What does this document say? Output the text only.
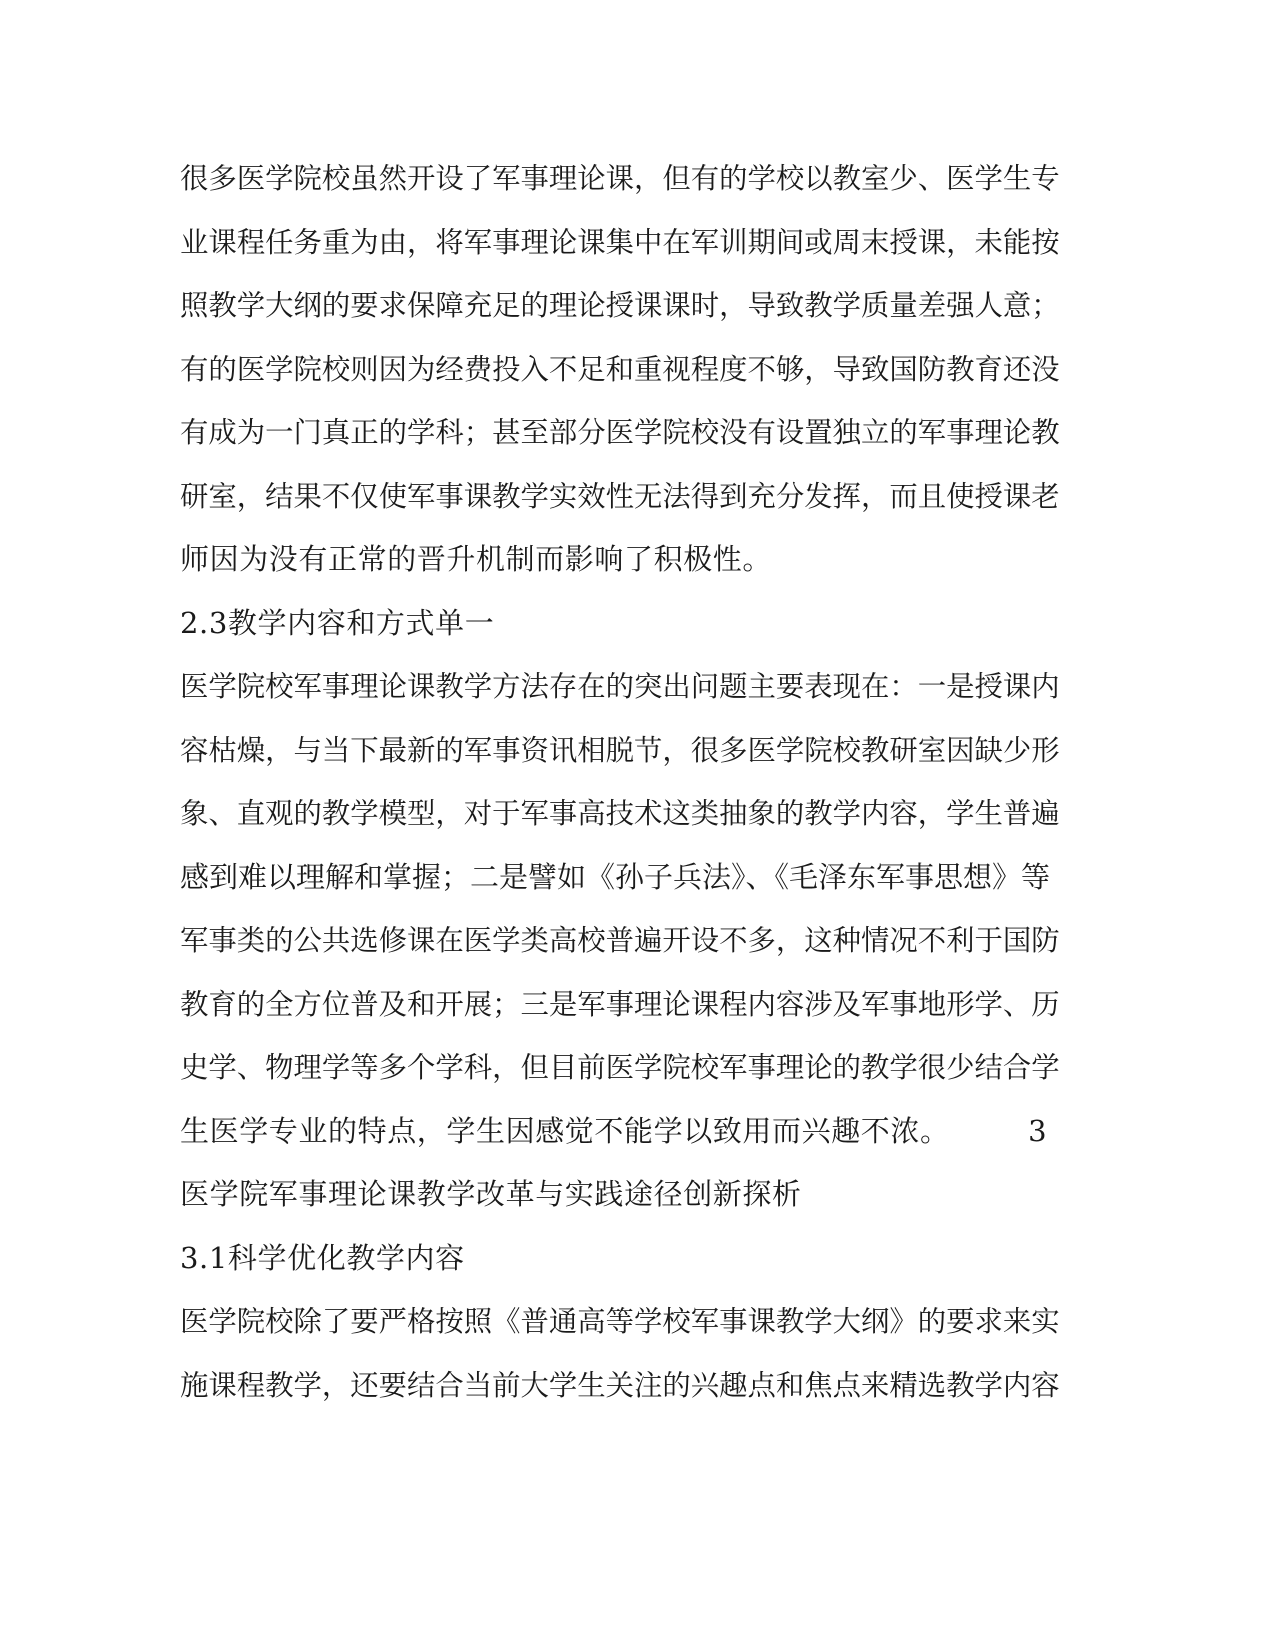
很多医学院校虽然开设了军事理论课，但有的学校以教室少、医学生专
业课程任务重为由，将军事理论课集中在军训期间或周末授课，未能按
照教学大纲的要求保障充足的理论授课课时，导致教学质量差强人意；
有的医学院校则因为经费投入不足和重视程度不够，导致国防教育还没
有成为一门真正的学科；甚至部分医学院校没有设置独立的军事理论教
研室，结果不仅使军事课教学实效性无法得到充分发挥，而且使授课老
师因为没有正常的晋升机制而影响了积极性。
2.3教学内容和方式单一
医学院校军事理论课教学方法存在的突出问题主要表现在：一是授课内
容枯燥，与当下最新的军事资讯相脱节，很多医学院校教研室因缺少形
象、直观的教学模型，对于军事高技术这类抽象的教学内容，学生普遍
感到难以理解和掌握；二是譬如《孙子兵法》、《毛泽东军事思想》等
军事类的公共选修课在医学类高校普遍开设不多，这种情况不利于国防
教育的全方位普及和开展；三是军事理论课程内容涉及军事地形学、历
史学、物理学等多个学科，但目前医学院校军事理论的教学很少结合学
生医学专业的特点，学生因感觉不能学以致用而兴趣不浓。        3
医学院军事理论课教学改革与实践途径创新探析
3.1科学优化教学内容
医学院校除了要严格按照《普通高等学校军事课教学大纲》的要求来实
施课程教学，还要结合当前大学生关注的兴趣点和焦点来精选教学内容
